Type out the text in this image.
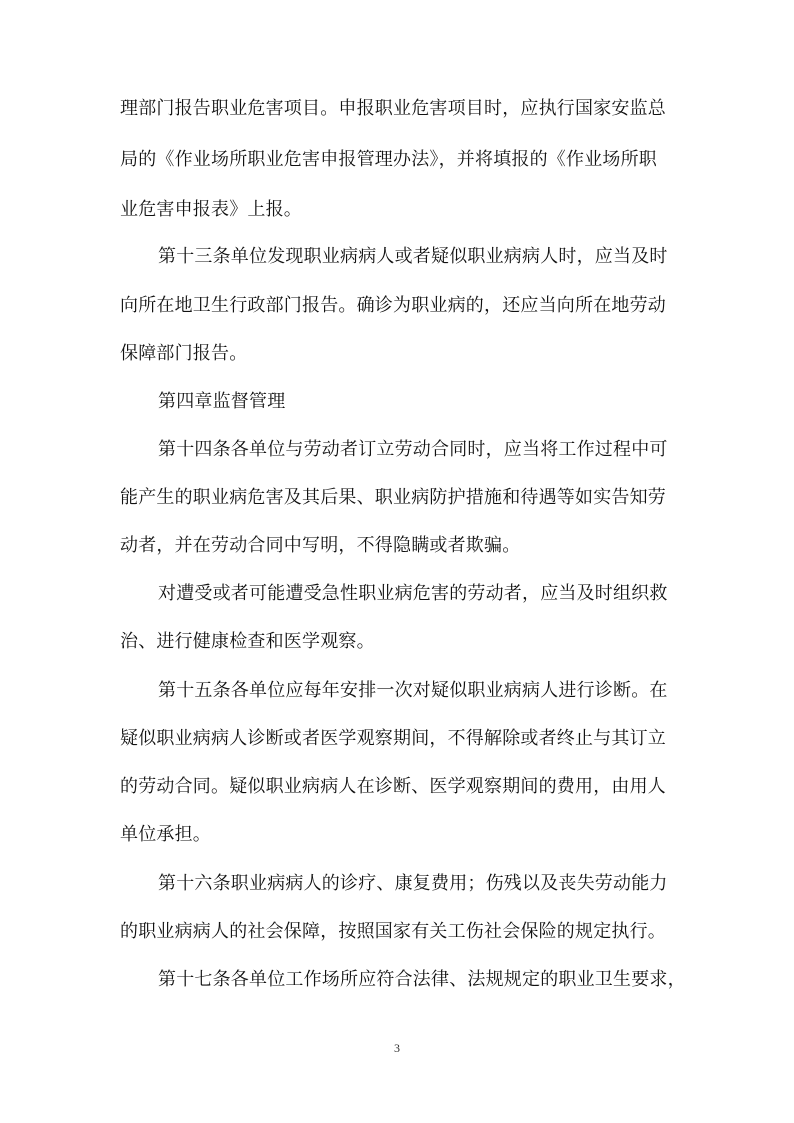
理部门报告职业危害项目。申报职业危害项目时，应执行国家安监总
局的《作业场所职业危害申报管理办法》，并将填报的《作业场所职
业危害申报表》上报。
第十三条单位发现职业病病人或者疑似职业病病人时，应当及时
向所在地卫生行政部门报告。确诊为职业病的，还应当向所在地劳动
保障部门报告。
第四章监督管理
第十四条各单位与劳动者订立劳动合同时，应当将工作过程中可
能产生的职业病危害及其后果、职业病防护措施和待遇等如实告知劳
动者，并在劳动合同中写明，不得隐瞒或者欺骗。
对遭受或者可能遭受急性职业病危害的劳动者，应当及时组织救
治、进行健康检查和医学观察。
第十五条各单位应每年安排一次对疑似职业病病人进行诊断。在
疑似职业病病人诊断或者医学观察期间，不得解除或者终止与其订立
的劳动合同。疑似职业病病人在诊断、医学观察期间的费用，由用人
单位承担。
第十六条职业病病人的诊疗、康复费用；伤残以及丧失劳动能力
的职业病病人的社会保障，按照国家有关工伤社会保险的规定执行。
第十七条各单位工作场所应符合法律、法规规定的职业卫生要求，
3
